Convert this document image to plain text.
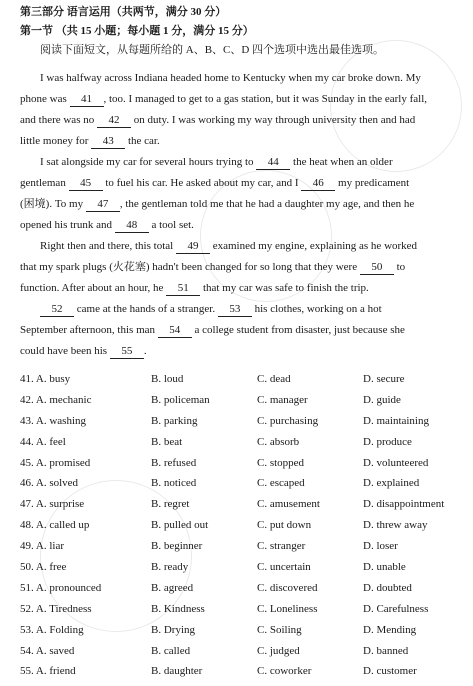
第三部分 语言运用（共两节，满分 30 分）
第一节 （共 15 小题；每小题 1 分，满分 15 分）
阅读下面短文，从每题所给的 A、B、C、D 四个选项中选出最佳选项。
I was halfway across Indiana headed home to Kentucky when my car broke down. My
phone was 41 , too. I managed to get to a gas station, but it was Sunday in the early fall,
and there was no 42 on duty. I was working my way through university then and had
little money for 43 the car.
I sat alongside my car for several hours trying to 44 the heat when an older
gentleman 45 to fuel his car. He asked about my car, and I 46 my predicament
(困境). To my 47 , the gentleman told me that he had a daughter my age, and then he
opened his trunk and 48 a tool set.
Right then and there, this total 49 examined my engine, explaining as he worked
that my spark plugs (火花塞) hadn't been changed for so long that they were 50 to
function. After about an hour, he 51 that my car was safe to finish the trip.
52 came at the hands of a stranger. 53 his clothes, working on a hot
September afternoon, this man 54 a college student from disaster, just because she
could have been his 55 .
41. A. busy	B. loud	C. dead	D. secure
42. A. mechanic	B. policeman	C. manager	D. guide
43. A. washing	B. parking	C. purchasing	D. maintaining
44. A. feel	B. beat	C. absorb	D. produce
45. A. promised	B. refused	C. stopped	D. volunteered
46. A. solved	B. noticed	C. escaped	D. explained
47. A. surprise	B. regret	C. amusement	D. disappointment
48. A. called up	B. pulled out	C. put down	D. threw away
49. A. liar	B. beginner	C. stranger	D. loser
50. A. free	B. ready	C. uncertain	D. unable
51. A. pronounced	B. agreed	C. discovered	D. doubted
52. A. Tiredness	B. Kindness	C. Loneliness	D. Carefulness
53. A. Folding	B. Drying	C. Soiling	D. Mending
54. A. saved	B. called	C. judged	D. banned
55. A. friend	B. daughter	C. coworker	D. customer
